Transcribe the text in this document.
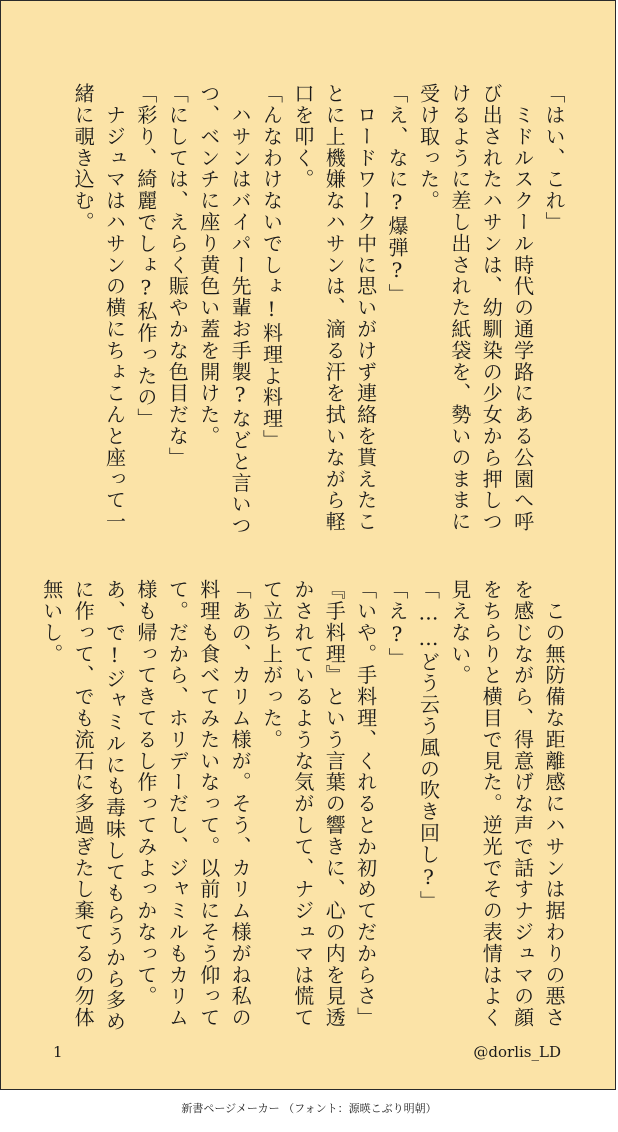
「はい、これ」
　ミドルスクール時代の通学路にある公園へ呼び出されたハサンは、幼馴染の少女から押しつけるように差し出された紙袋を、勢いのままに受け取った。
「え、なに?爆弾?」
　ロードワーク中に思いがけず連絡を貰えたことに上機嫌なハサンは、滴る汗を拭いながら軽口を叩く。
「んなわけないでしょ!料理よ料理」
　ハサンはバイパー先輩お手製?などと言いつつ、ベンチに座り黄色い蓋を開けた。
「にしては、えらく賑やかな色目だな」
「彩り、綺麗でしょ?私作ったの」
　ナジュマはハサンの横にちょこんと座って一緒に覗き込む。
　この無防備な距離感にハサンは据わりの悪さを感じながら、得意げな声で話すナジュマの顔をちらりと横目で見た。逆光でその表情はよく見えない。
「……どう云う風の吹き回し?」
「え?」
「いや。手料理、くれるとか初めてだからさ」
『手料理』という言葉の響きに、心の内を見透かされているような気がして、ナジュマは慌てて立ち上がった。
「あの、カリム様が。そう、カリム様がね私の料理も食べてみたいなって。以前にそう仰ってて。だから、ホリデーだし、ジャミルもカリム様も帰ってきてるし作ってみよっかなって。あ、で!ジャミルにも毒味してもらうから多めに作って、でも流石に多過ぎたし棄てるの勿体無いし。
1	@dorlis_LD
新書ページメーカー （フォント：源暎こぶり明朝）
